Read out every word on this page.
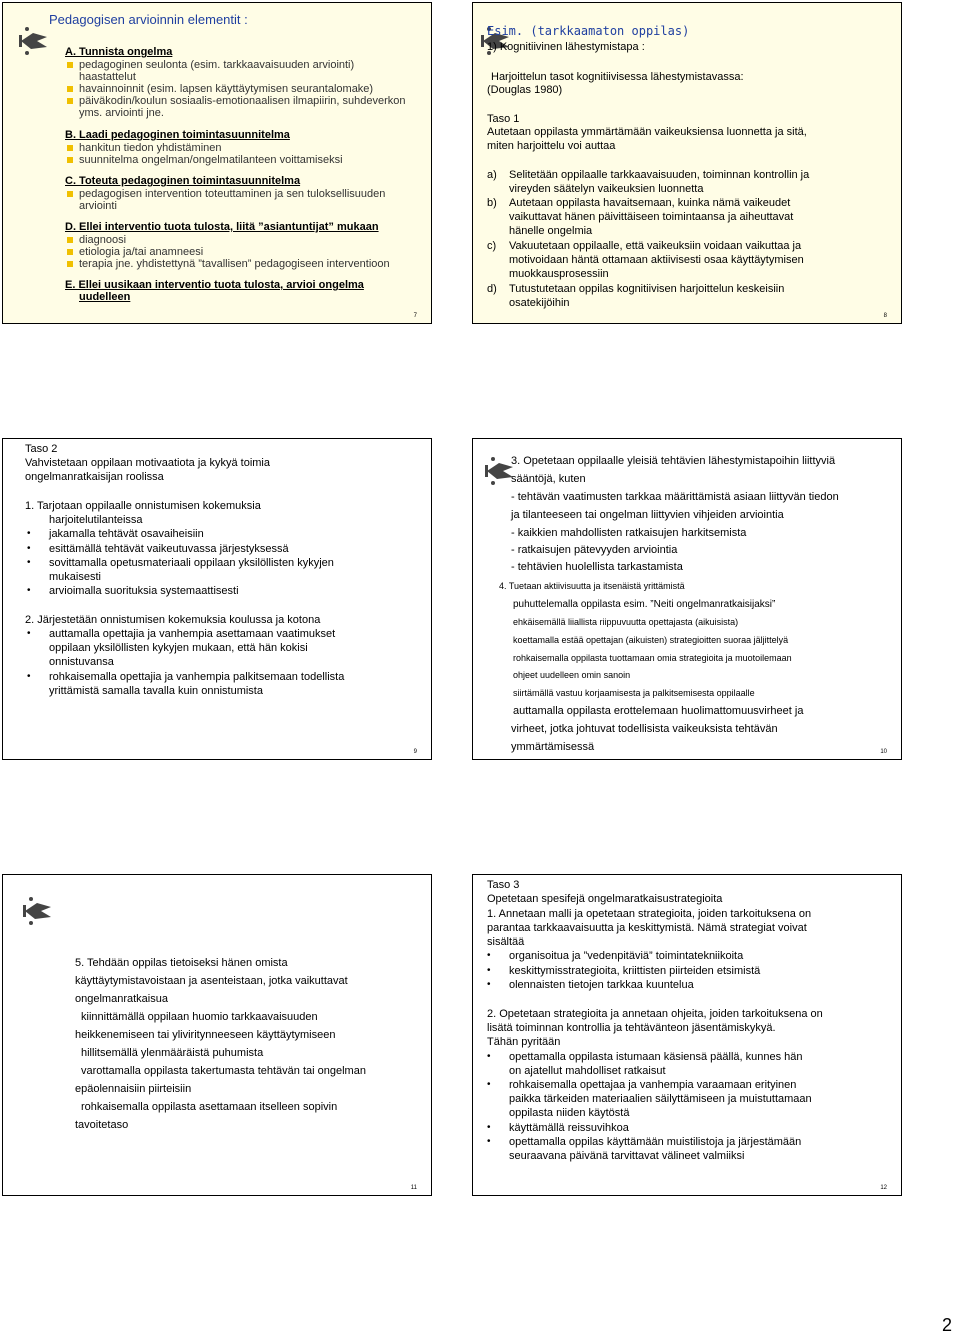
Pedagogisen arvioinnin elementit :
A. Tunnista ongelma
pedagoginen seulonta (esim. tarkkaavaisuuden arviointi)
haastattelut
havainnoinnit (esim. lapsen käyttäytymisen seurantalomake)
päiväkodin/koulun sosiaalis-emotionaalisen ilmapiirin, suhdeverkon
yms. arviointi jne.
B. Laadi pedagoginen toimintasuunnitelma
hankitun tiedon yhdistäminen
suunnitelma ongelman/ongelmatilanteen voittamiseksi
C. Toteuta pedagoginen toimintasuunnitelma
pedagogisen intervention toteuttaminen ja sen tuloksellisuuden
arviointi
D. Ellei interventio tuota tulosta, liitä ”asiantuntijat” mukaan
diagnoosi
etiologia ja/tai anamneesi
terapia jne. yhdistettynä ”tavallisen” pedagogiseen interventioon
E. Ellei uusikaan interventio tuota tulosta, arvioi ongelma
uudelleen
7
Esim. (tarkkaamaton oppilas)
1) Kognitiivinen lähestymistapa :
Harjoittelun tasot kognitiivisessa lähestymistavassa:
(Douglas 1980)
Taso 1
Autetaan oppilasta ymmärtämään vaikeuksiensa luonnetta ja sitä,
miten harjoittelu voi auttaa
a) Selitetään oppilaalle tarkkaavaisuuden, toiminnan kontrollin ja
vireyden säätelyn vaikeuksien luonnetta
b) Autetaan oppilasta havaitsemaan, kuinka nämä vaikeudet
vaikuttavat hänen päivittäiseen toimintaansa ja aiheuttavat
hänelle ongelmia
c) Vakuutetaan oppilaalle, että vaikeuksiin voidaan vaikuttaa ja
motivoidaan häntä ottamaan aktiivisesti osaa käyttäytymisen
muokkausprosessiin
d) Tutustutetaan oppilas kognitiivisen harjoittelun keskeisiin
osatekijöihin
8
Taso 2
Vahvistetaan oppilaan motivaatiota ja kykyä toimia
ongelmanratkaisijan roolissa
1. Tarjotaan oppilaalle onnistumisen kokemuksia
harjoitelutilanteissa
• jakamalla tehtävät osavaiheisiin
• esittämällä tehtävät vaikeutuvassa järjestyksessä
• sovittamalla opetusmateriaali oppilaan yksilöllisten kykyjen
mukaisesti
• arvioimalla suorituksia systemaattisesti
2. Järjestetään onnistumisen kokemuksia koulussa ja kotona
• auttamalla opettajia ja vanhempia asettamaan vaatimukset
oppilaan yksilöllisten kykyjen mukaan, että hän kokisi
onnistuvansa
• rohkaisemalla opettajia ja vanhempia palkitsemaan todellista
yrittämistä samalla tavalla kuin onnistumista
9
3. Opetetaan oppilaalle yleisiä tehtävien lähestymistapoihin liittyviä
sääntöjä, kuten
- tehtävän vaatimusten tarkkaa määrittämistä asiaan liittyvän tiedon
ja tilanteeseen tai ongelman liittyvien vihjeiden arviointia
- kaikkien mahdollisten ratkaisujen harkitsemista
- ratkaisujen pätevyyden arviointia
- tehtävien huolellista tarkastamista
4. Tuetaan aktiivisuutta ja itsenäistä yrittämistä
puhuttelemalla oppilasta esim. ”Neiti ongelmanratkaisijaksi”
ehkäisemällä liiallista riippuvuutta opettajasta (aikuisista)
koettamalla estää opettajan (aikuisten) strategioitten suoraa jäljittelyä
rohkaisemalla oppilasta tuottamaan omia strategioita ja muotoilemaan
ohjeet uudelleen omin sanoin
siirtämällä vastuu korjaamisesta ja palkitsemisesta oppilaalle
auttamalla oppilasta erottelemaan huolimattomuusvirheet ja
virheet, jotka johtuvat todellisista vaikeuksista tehtävän
ymmärtämisessä	10
5. Tehdään oppilas tietoiseksi hänen omista
käyttäytymistavoistaan ja asenteistaan, jotka vaikuttavat
ongelmanratkaisua
kiinnittämällä oppilaan huomio tarkkaavaisuuden
heikkenemiseen tai yliviritynneeseen käyttäytymiseen
hillitsemällä ylenmääräistä puhumista
varottamalla oppilasta takertumasta tehtävän tai ongelman
epäolennaisiin piirteisiin
rohkaisemalla oppilasta asettamaan itselleen sopivin
tavoitetaso
11
Taso 3
Opetetaan spesifejä ongelmaratkaisustrategioita
1. Annetaan malli ja opetetaan strategioita, joiden tarkoituksena on
parantaa tarkkaavaisuutta ja keskittymistä. Nämä strategiat voivat
sisältää
• organisoitua ja ”vedenpitäviä” toimintatekniikoita
• keskittymisstrategioita, kriittisten piirteiden etsimistä
• olennaisten tietojen tarkkaa kuuntelua
2. Opetetaan strategioita ja annetaan ohjeita, joiden tarkoituksena on
lisätä toiminnan kontrollia ja tehtävänteon jäsentämiskykyä.
Tähän pyritään
• opettamalla oppilasta istumaan käsiensä päällä, kunnes hän
on ajatellut mahdolliset ratkaisut
• rohkaisemalla opettajaa ja vanhempia varaamaan erityinen
paikka tärkeiden materiaalien säilyttämiseen ja muistuttamaan
oppilasta niiden käytöstä
• käyttämällä reissuvihkoa
• opettamalla oppilas käyttämään muistilistoja ja järjestämään
seuraavana päivänä tarvittavat välineet valmiiksi
12
2
